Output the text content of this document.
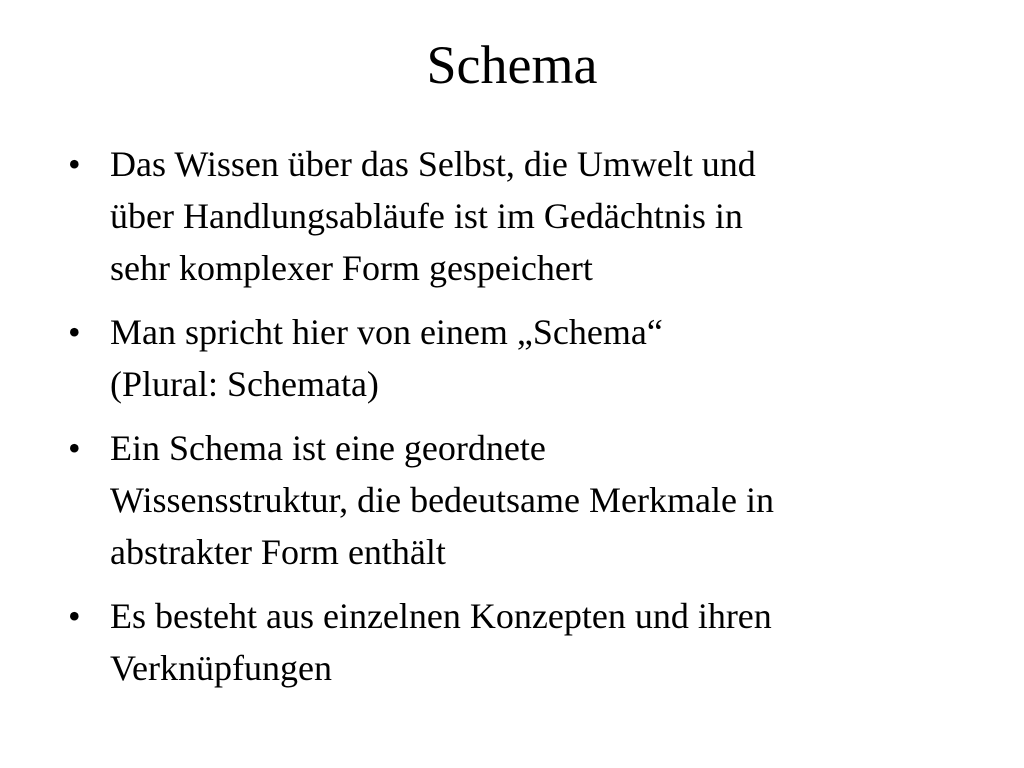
Schema
• Das Wissen über das Selbst, die Umwelt und
über Handlungsabläufe ist im Gedächtnis in
sehr komplexer Form gespeichert
• Man spricht hier von einem „Schema“
(Plural: Schemata)
• Ein Schema ist eine geordnete
Wissensstruktur, die bedeutsame Merkmale in
abstrakter Form enthält
• Es besteht aus einzelnen Konzepten und ihren
Verknüpfungen
